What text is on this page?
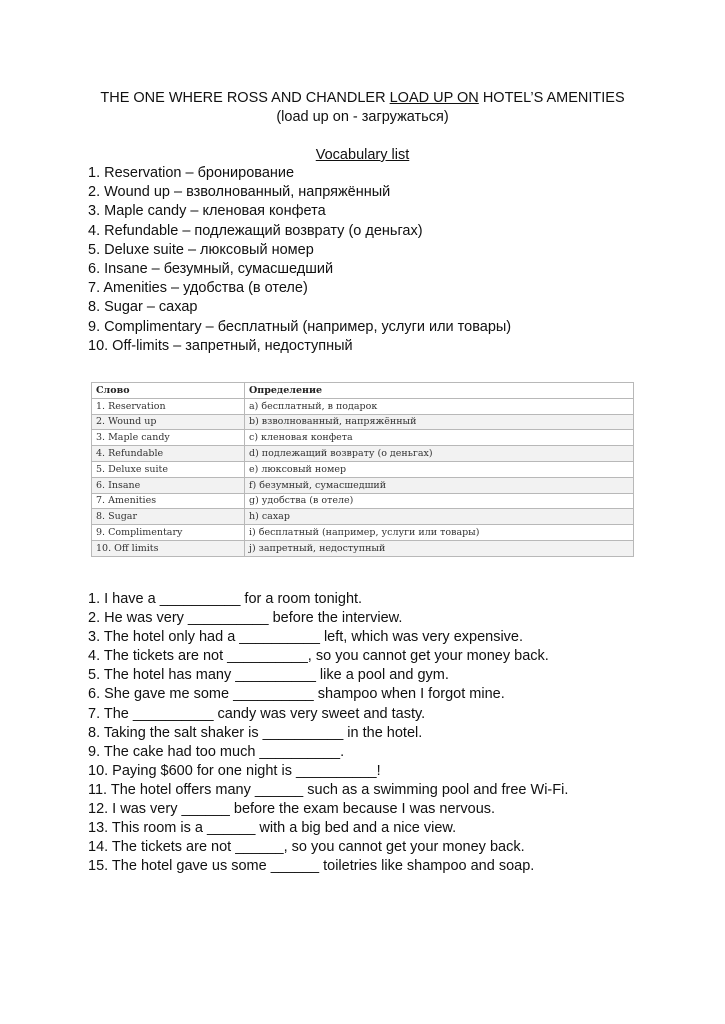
THE ONE WHERE ROSS AND CHANDLER LOAD UP ON HOTEL’S AMENITIES
(load up on - загружаться)
Vocabulary list
1. Reservation – бронирование
2. Wound up – взволнованный, напряжённый
3. Maple candy – кленовая конфета
4. Refundable – подлежащий возврату (о деньгах)
5. Deluxe suite – люксовый номер
6. Insane – безумный, сумасшедший
7. Amenities – удобства (в отеле)
8. Sugar – сахар
9. Complimentary – бесплатный (например, услуги или товары)
10. Off-limits – запретный, недоступный
Слово	Определение
1. Reservation	a) бесплатный, в подарок
2. Wound up	b) взволнованный, напряжённый
3. Maple candy	c) кленовая конфета
4. Refundable	d) подлежащий возврату (о деньгах)
5. Deluxe suite	e) люксовый номер
6. Insane	f) безумный, сумасшедший
7. Amenities	g) удобства (в отеле)
8. Sugar	h) сахар
9. Complimentary	i) бесплатный (например, услуги или товары)
10. Off limits	j) запретный, недоступный
1. I have a __________ for a room tonight.
2. He was very __________ before the interview.
3. The hotel only had a __________ left, which was very expensive.
4. The tickets are not __________, so you cannot get your money back.
5. The hotel has many __________ like a pool and gym.
6. She gave me some __________ shampoo when I forgot mine.
7. The __________ candy was very sweet and tasty.
8. Taking the salt shaker is __________ in the hotel.
9. The cake had too much __________.
10. Paying $600 for one night is __________!
11. The hotel offers many ______ such as a swimming pool and free Wi-Fi.
12. I was very ______ before the exam because I was nervous.
13. This room is a ______ with a big bed and a nice view.
14. The tickets are not ______, so you cannot get your money back.
15. The hotel gave us some ______ toiletries like shampoo and soap.
